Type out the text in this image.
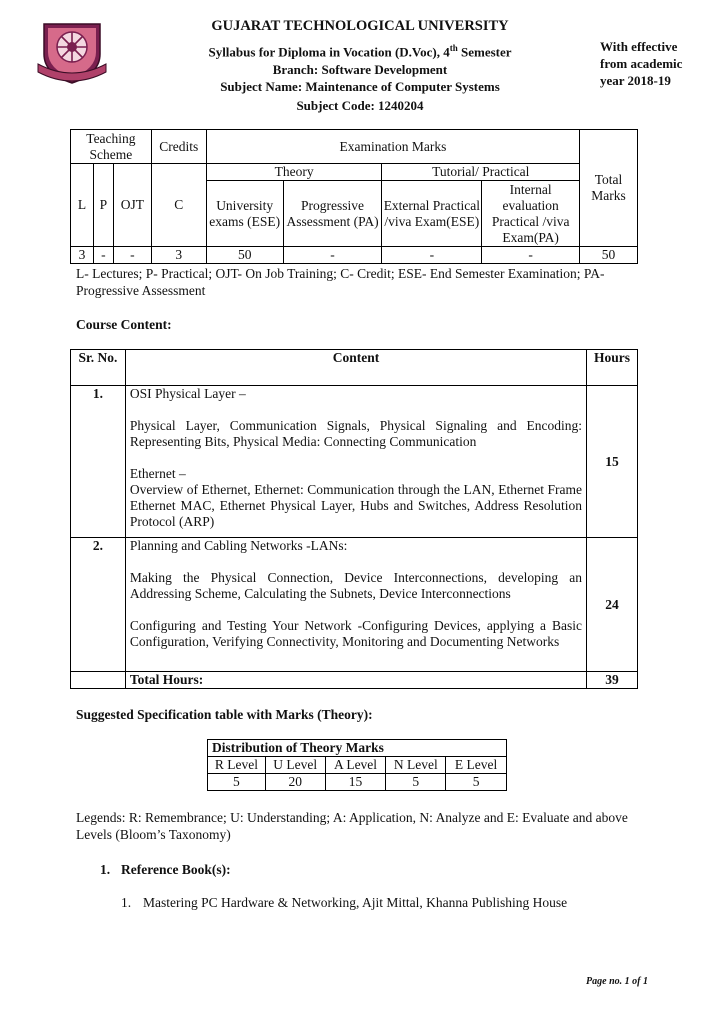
GUJARAT TECHNOLOGICAL UNIVERSITY
Syllabus for Diploma in Vocation (D.Voc), 4th Semester
Branch: Software Development
Subject Name: Maintenance of Computer Systems
Subject Code: 1240204
With effective
from academic
year 2018-19
Teaching Scheme			Credits	Examination Marks				Total Marks
L	P	OJT	C	Theory		Tutorial/ Practical		
				University exams (ESE)	Progressive Assessment (PA)	External Practical /viva Exam(ESE)	Internal evaluation Practical /viva Exam(PA)	
3	-	-	3	50	-	-	-	50
L- Lectures; P- Practical; OJT- On Job Training; C- Credit; ESE- End Semester Examination; PA- Progressive Assessment
Course Content:
Sr. No.	Content	Hours
1.	OSI Physical Layer –

Physical Layer, Communication Signals, Physical Signaling and Encoding: Representing Bits, Physical Media: Connecting Communication

Ethernet –

Overview of Ethernet, Ethernet: Communication through the LAN, Ethernet Frame Ethernet MAC, Ethernet Physical Layer, Hubs and Switches, Address Resolution Protocol (ARP)	15
2.	Planning and Cabling Networks -LANs:

Making the Physical Connection, Device Interconnections, developing an Addressing Scheme, Calculating the Subnets, Device Interconnections

Configuring and Testing Your Network -Configuring Devices, applying a Basic Configuration, Verifying Connectivity, Monitoring and Documenting Networks	24
	Total Hours:	39
Suggested Specification table with Marks (Theory):
Distribution of Theory Marks				
R Level	U Level	A Level	N Level	E Level
5	20	15	5	5
Legends: R: Remembrance; U: Understanding; A: Application, N: Analyze and E: Evaluate and above Levels (Bloom’s Taxonomy)
1. Reference Book(s):
1. Mastering PC Hardware & Networking, Ajit Mittal, Khanna Publishing House
Page no. 1 of 1
